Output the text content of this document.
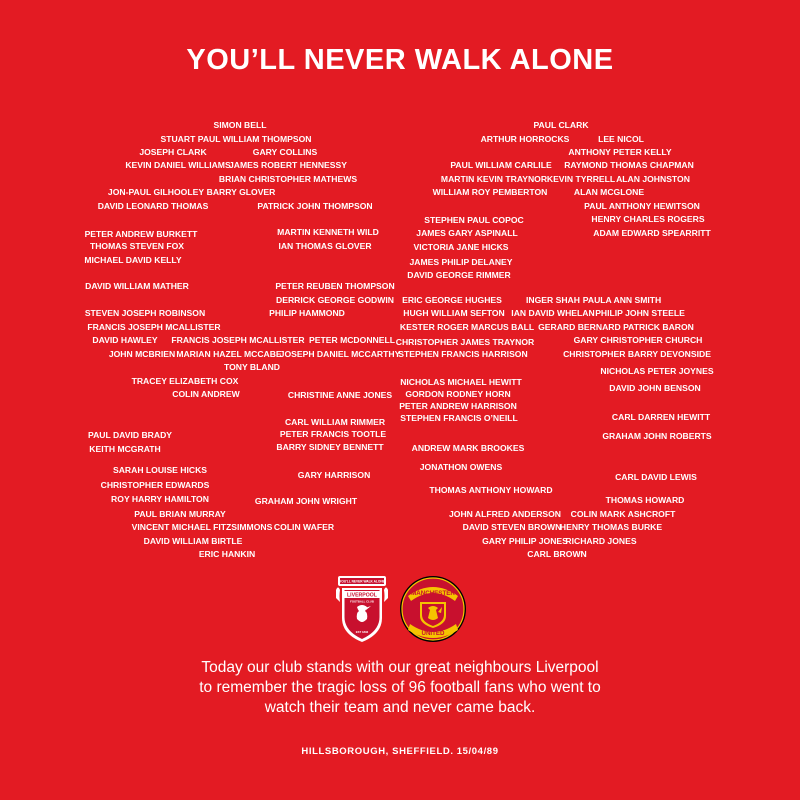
YOU’LL NEVER WALK ALONE
SIMON BELL
STUART PAUL WILLIAM THOMPSON
JOSEPH CLARK	GARY COLLINS
KEVIN DANIEL WILLIAMS
JAMES ROBERT HENNESSY
BRIAN CHRISTOPHER MATHEWS
JON-PAUL GILHOOLEY BARRY GLOVER
DAVID LEONARD THOMAS	PATRICK JOHN THOMPSON
PETER ANDREW BURKETT	MARTIN KENNETH WILD
THOMAS STEVEN FOX	IAN THOMAS GLOVER
MICHAEL DAVID KELLY
DAVID WILLIAM MATHER	PETER REUBEN THOMPSON
DERRICK GEORGE GODWIN
PHILIP HAMMOND
STEVEN JOSEPH ROBINSON
FRANCIS JOSEPH MCALLISTER
DAVID HAWLEY FRANCIS JOSEPH MCALLISTER PETER MCDONNELL
JOHN MCBRIEN MARIAN HAZEL MCCABE
JOSEPH DANIEL MCCARTHY
TONY BLAND
TRACEY ELIZABETH COX
COLIN ANDREW	CHRISTINE ANNE JONES
CARL WILLIAM RIMMER
PETER FRANCIS TOOTLE
PAUL DAVID BRADY
BARRY SIDNEY BENNETT
KEITH MCGRATH
SARAH LOUISE HICKS	GARY HARRISON
CHRISTOPHER EDWARDS
ROY HARRY HAMILTON	GRAHAM JOHN WRIGHT
PAUL BRIAN MURRAY
VINCENT MICHAEL FITZSIMMONS COLIN WAFER
DAVID WILLIAM BIRTLE
ERIC HANKIN
PAUL CLARK
ARTHUR HORROCKS	LEE NICOL
ANTHONY PETER KELLY
PAUL WILLIAM CARLILE RAYMOND THOMAS CHAPMAN
MARTIN KEVIN TRAYNOR KEVIN TYRRELL ALAN JOHNSTON
WILLIAM ROY PEMBERTON	ALAN MCGLONE
PAUL ANTHONY HEWITSON
HENRY CHARLES ROGERS
STEPHEN PAUL COPOC
JAMES GARY ASPINALL	ADAM EDWARD SPEARRITT
VICTORIA JANE HICKS
JAMES PHILIP DELANEY
DAVID GEORGE RIMMER
ERIC GEORGE HUGHES	INGER SHAH PAULA ANN SMITH
HUGH WILLIAM SEFTON IAN DAVID WHELAN PHILIP JOHN STEELE
KESTER ROGER MARCUS BALL GERARD BERNARD PATRICK BARON
CHRISTOPHER JAMES TRAYNOR	GARY CHRISTOPHER CHURCH
STEPHEN FRANCIS HARRISON	CHRISTOPHER BARRY DEVONSIDE
NICHOLAS PETER JOYNES
NICHOLAS MICHAEL HEWITT
DAVID JOHN BENSON
GORDON RODNEY HORN
PETER ANDREW HARRISON
CARL DARREN HEWITT
STEPHEN FRANCIS O’NEILL
GRAHAM JOHN ROBERTS
ANDREW MARK BROOKES
JONATHON OWENS
CARL DAVID LEWIS
THOMAS ANTHONY HOWARD
THOMAS HOWARD
JOHN ALFRED ANDERSON COLIN MARK ASHCROFT
DAVID STEVEN BROWN
HENRY THOMAS BURKE
GARY PHILIP JONES
RICHARD JONES
CARL BROWN
YOU'LL NEVER WALK ALONE
LIVERPOOL
FOOTBALL CLUB
EST 1892
MANCHESTER
UNITED
Today our club stands with our great neighbours Liverpool
to remember the tragic loss of 96 football fans who went to
watch their team and never came back.
HILLSBOROUGH, SHEFFIELD. 15/04/89
